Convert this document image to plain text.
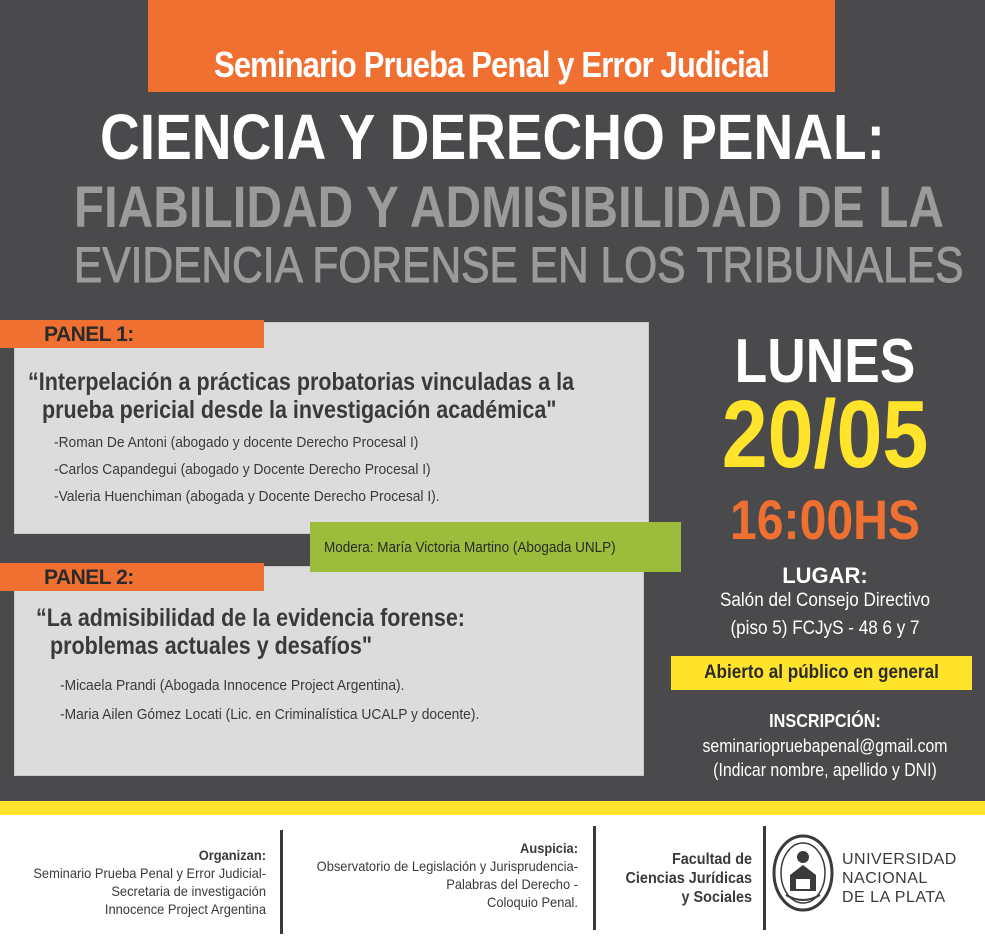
Seminario Prueba Penal y Error Judicial
CIENCIA Y DERECHO PENAL:
FIABILIDAD Y ADMISIBILIDAD DE LA
EVIDENCIA FORENSE EN LOS TRIBUNALES
PANEL 1:
“Interpelación a prácticas probatorias vinculadas a la
prueba pericial desde la investigación académica"
-Roman De Antoni (abogado y docente Derecho Procesal I)
-Carlos Capandegui (abogado y Docente Derecho Procesal I)
-Valeria Huenchiman (abogada y Docente Derecho Procesal I).
Modera: María Victoria Martino (Abogada UNLP)
PANEL 2:
“La admisibilidad de la evidencia forense:
problemas actuales y desafíos"
-Micaela Prandi (Abogada Innocence Project Argentina).
-Maria Ailen Gómez Locati (Lic. en Criminalística UCALP y docente).
LUNES
20/05
16:00HS
LUGAR:
Salón del Consejo Directivo
(piso 5) FCJyS - 48 6 y 7
Abierto al público en general
INSCRIPCIÓN:
seminariopruebapenal@gmail.com
(Indicar nombre, apellido y DNI)
Organizan:
Seminario Prueba Penal y Error Judicial-
Secretaria de investigación
Innocence Project Argentina
Auspicia:
Observatorio de Legislación y Jurisprudencia-
Palabras del Derecho -
Coloquio Penal.
Facultad de
Ciencias Jurídicas
y Sociales
UNIVERSIDAD
NACIONAL
DE LA PLATA
